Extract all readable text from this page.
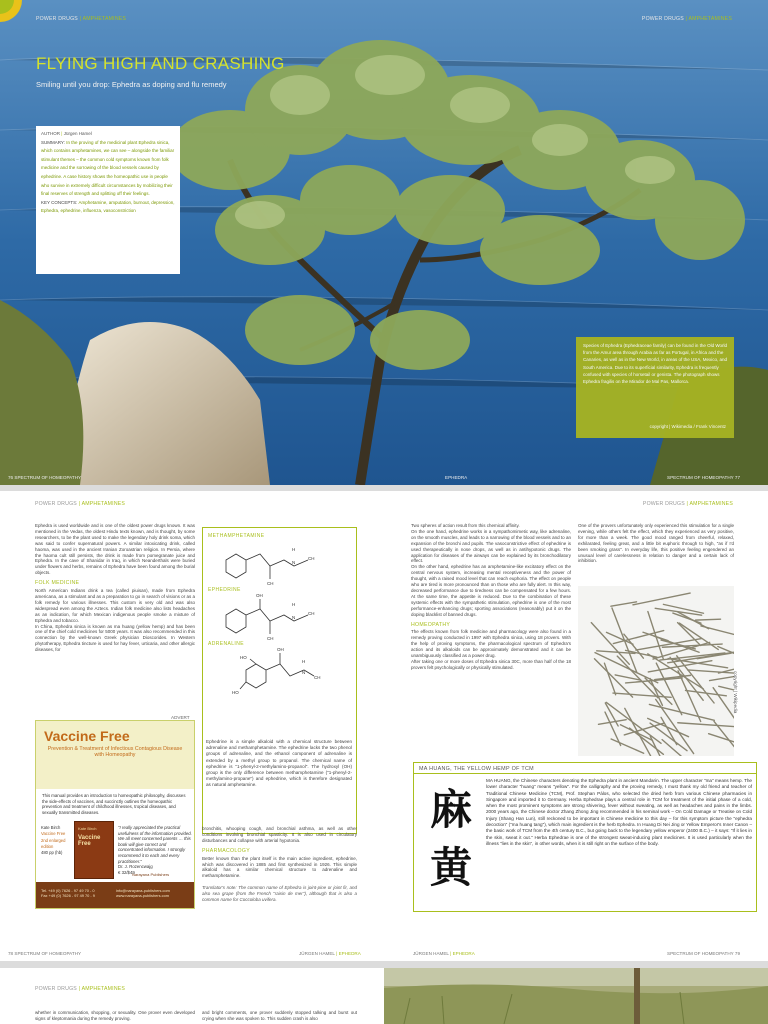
POWER DRUGS | AMPHETAMINES	POWER DRUGS | AMPHETAMINES
FLYING HIGH AND CRASHING
Smiling until you drop: Ephedra as doping and flu remedy
AUTHOR | Jürgen Hamel
SUMMARY: In the proving of the medicinal plant Ephedra sinica, which contains amphetamines, we can see – alongside the familiar stimulant themes – the common cold symptoms known from folk medicine and the sorrowing of the blood vessels caused by ephedrine. A case history shows the homeopathic use in people who survive in extremely difficult circumstances by mobilizing their final reserves of strength and splitting off their feelings.
KEY CONCEPTS: Amphetamine, amputation, burnout, depression, Ephedra, ephedrine, influenza, vasoconstriction
Species of Ephedra (Ephedraceae family) can be found in the Old World from the Amur area through Arabia as far as Portugal, in Africa and the Canaries, as well as in the New World, in areas of the USA, Mexico, and South America. Due to its superficial similarity, Ephedra is frequently confused with species of horsetail or genista. The photograph shows Ephedra fragilis on the Mirador de Mal Pas, Mallorca.
copyright | Wikimedia / Frank Vincentz
76 SPECTRUM OF HOMEOPATHY	EPHEDRA	SPECTRUM OF HOMEOPATHY 77
POWER DRUGS | AMPHETAMINES	POWER DRUGS | AMPHETAMINES

Ephedra is used worldwide and is one of the oldest power drugs known. It was mentioned in the Vedas, the oldest Hindu texts known, and is thought, by some researchers, to be the plant used to make the legendary holy drink soma, which was said to confer supernatural powers. A similar intoxicating drink, called haoma, was used in the ancient Iranian Zoroastrian religion. In Persia, where the haoma cult still persists, the drink is made from pomegranate juice and Ephedra. In the cave of Shanidar in Iraq, in which Neanderthals were buried under flowers and herbs, remains of Ephedra have been found among the burial objects.

FOLK MEDICINE

North American Indians drink a tea (called piuisan), made from Ephedra americana, as a stimulant and as a preparation to go in search of visions or as a folk remedy for various illnesses. This custom is very old and was also widespread even among the Aztecs. Indian folk medicine also lists headaches as an indication, for which Mexican indigenous people smoke a mixture of Ephedra and tobacco.

In China, Ephedra sinica is known as ma huang (yellow hemp) and has been one of the chief cold medicines for 5000 years. It was also recommended in this connection by the well-known Greek physician Dioscorides. In Western phytotherapy, Ephedra tincture is used for hay fever, urticaria, and other allergic diseases, for

ADVERT
Vaccine Free
Prevention & Treatment of Infectious Contagious Disease with Homeopathy
This manual provides an introduction to homeopathic philosophy, discusses the side-effects of vaccines, and succinctly outlines the homeopathic prevention and treatment of childhood illnesses, tropical diseases, and sexually transmitted diseases.
Kate Birch
Vaccine Free
2nd enlarged edition
480 pp (hb)
Kate Birch
Vaccine Free
"I really appreciated the practical usefulness of the information provided. We all meet concerned parents … this book will give correct and concentrated information. I strongly recommend it to each and every practitioner."
Dr. J. Rozencwajg
€ 32/$49
Narayana Publishers
Tel. +49 (0) 7626 - 97 49 70 - 0
Fax +49 (0) 7626 - 97 49 70 - 9
info@narayana-publishers.com
www.narayana-publishers.com
METHAMPHETAMINE
EPHEDRINE
ADRENALINE
H
N
CH
CH
OH
H
N
CH
CH
OH
HO
HO
H
N
CH
Ephedrine is a simple alkaloid with a chemical structure between adrenaline and methamphetamine. The ephedrine lacks the two phenol groups of adrenaline, and the ethanol component of adrenaline is extended by a methyl group to propanol. The chemical name of ephedrine is "1-phenyl-2-methylamino-propanol". The hydroxyl (OH) group is the only difference between methamphetamine ("1-phenyl-2-methylamino-propane") and ephedrine, which is therefore designated as natural amphetamine.

bronchitis, whooping cough, and bronchial asthma, as well as other conditions involving bronchial spasticity. It is also used in circulatory disturbances and collapse with arterial hypotonia.

PHARMACOLOGY

Better known than the plant itself is the main active ingredient, ephedrine, which was discovered in 1885 and first synthesized in 1926. This simple alkaloid has a similar chemical structure to adrenaline and methamphetamine.

Translator's note: The common name of Ephedra is joint-pine or joint fir, and also sea grape (from the French "raisin de mer"), although that is also a common name for Coccoloba uvifera.

Two spheres of action result from this chemical affinity.

On the one hand, ephedrine works in a sympathomimetic way, like adrenaline, on the smooth muscles, and leads to a narrowing of the blood vessels and to an expansion of the bronchi and pupils. The vasoconstrictive effect of ephedrine is used therapeutically in nose drops, as well as in antihypotonic drugs. The application for diseases of the airways can be explained by its bronchodilatory effect.

On the other hand, ephedrine has an amphetamine-like excitatory effect on the central nervous system, increasing mental receptiveness and the power of thought, with a raised mood level that can reach euphoria. The effect on people who are tired is more pronounced than on those who are fully alert. In this way, decreased performance due to tiredness can be compensated for a few hours. At the same time, the appetite is reduced. Due to the combination of these systemic effects with the sympathetic stimulation, ephedrine is one of the most performance-enhancing drugs; sporting associations (reasonably) put it on the doping blacklist of banned drugs.

HOMEOPATHY

The effects known from folk medicine and pharmacology were also found in a remedy proving conducted in 1997 with Ephedra sinica, using 18 provers. With the help of proving symptoms, the pharmacological spectrum of Ephedra's action and its alkaloids can be approximately demonstrated and it can be unambiguously classified as a power drug.

After taking one or more doses of Ephedra sinica 30C, more than half of the 18 provers felt psychologically or physically stimulated.

One of the provers unfortunately only experienced this stimulation for a single evening, while others felt the effect, which they experienced as very positive, for more than a week. The good mood ranged from cheerful, relaxed, exhilarated, feeling great, and a little bit euphoric through to high, "as if I'd been smoking grass". In everyday life, this positive feeling engendered an unusual level of carelessness in relation to danger and a certain lack of inhibition.

copyright | Wikipedia
MA HUANG, THE YELLOW HEMP OF TCM
麻
黄
MA HUANG, the Chinese characters denoting the Ephedra plant in ancient Mandarin. The upper character "ma" means hemp. The lower character "huang" means "yellow". For the calligraphy and the proving remedy, I must thank my old friend and teacher of Traditional Chinese Medicine (TCM), Prof. Stephan Pálos, who selected the dried herb from various Chinese pharmacies in Singapore and imported it to Germany. Herba Ephedrae plays a central role in TCM for treatment of the initial phase of a cold, when the most prominent symptoms are strong shivering, fever without sweating, as well as headaches and pains in the limbs. 2000 years ago, the Chinese doctor Zhang Zhong Jing recommended in his seminal work – On Cold Damage or Treatise on Cold Injury (Shang Han Lun), still reckoned to be important in Chinese medicine to this day – for this symptom picture the "ephedra decoction" ("ma huang tang"), which main ingredient is the herb Ephedra. In Huang Di Nei Jing or Yellow Emperor's Inner Canon – the basic work of TCM from the 4th century B.C., but going back to the legendary yellow emperor (2400 B.C.) – it says: "If it lies in the skin, sweat it out." Herba Ephedrae is one of the strongest sweat-inducing plant medicines. It is used particularly when the illness "lies in the skin", in other words, when it is still right on the surface of the body.
78 SPECTRUM OF HOMEOPATHY	JÜRGEN HAMEL | EPHEDRA	JÜRGEN HAMEL | EPHEDRA	SPECTRUM OF HOMEOPATHY 79
POWER DRUGS | AMPHETAMINES
whether in communication, shopping, or sexuality. One prover even developed signs of kleptomania during the remedy proving.
and bright comments, one prover suddenly stopped talking and burst out crying when she was spoken to. This sudden crash is also
